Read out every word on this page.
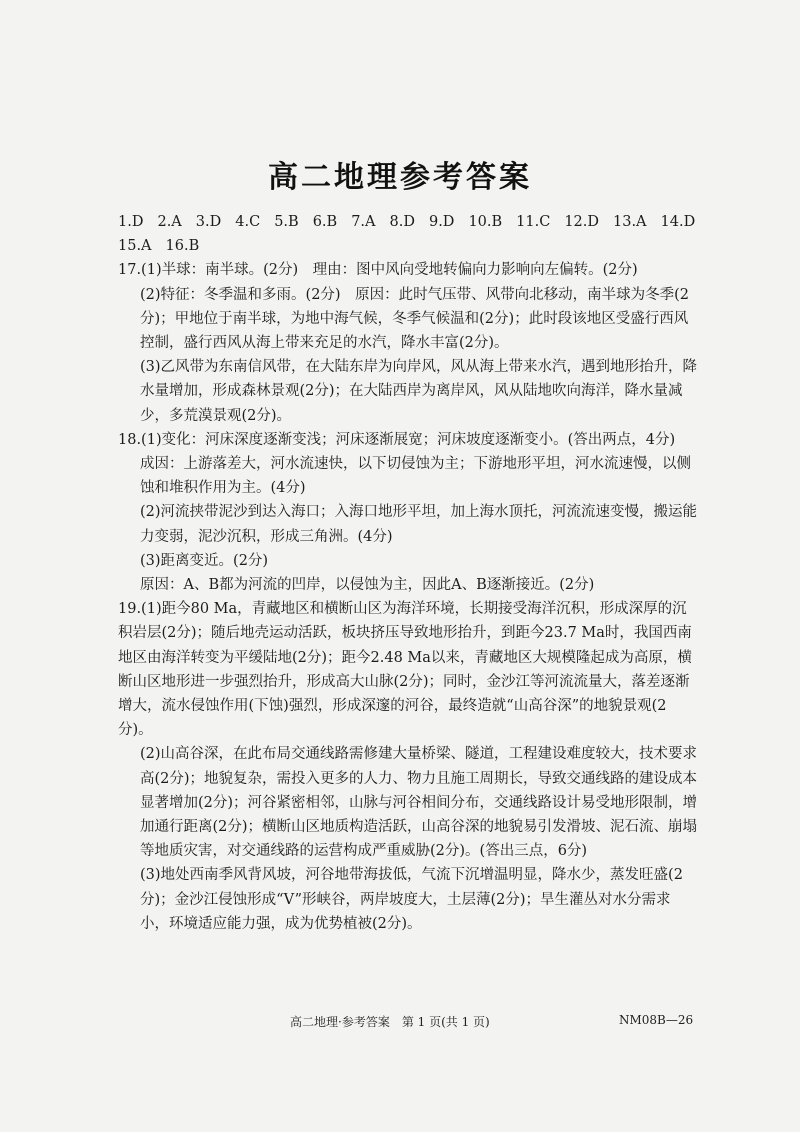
高二地理参考答案
1.D 2.A 3.D 4.C 5.B 6.B 7.A 8.D 9.D 10.B 11.C 12.D 13.A 14.D
15.A 16.B

17.(1)半球：南半球。(2分)　理由：图中风向受地转偏向力影响向左偏转。(2分)

(2)特征：冬季温和多雨。(2分)　原因：此时气压带、风带向北移动，南半球为冬季(2分)；甲地位于南半球，为地中海气候，冬季气候温和(2分)；此时段该地区受盛行西风控制，盛行西风从海上带来充足的水汽，降水丰富(2分)。

(3)乙风带为东南信风带，在大陆东岸为向岸风，风从海上带来水汽，遇到地形抬升，降水量增加，形成森林景观(2分)；在大陆西岸为离岸风，风从陆地吹向海洋，降水量减少，多荒漠景观(2分)。

18.(1)变化：河床深度逐渐变浅；河床逐渐展宽；河床坡度逐渐变小。(答出两点，4分)

成因：上游落差大，河水流速快，以下切侵蚀为主；下游地形平坦，河水流速慢，以侧蚀和堆积作用为主。(4分)

(2)河流挟带泥沙到达入海口；入海口地形平坦，加上海水顶托，河流流速变慢，搬运能力变弱，泥沙沉积，形成三角洲。(4分)

(3)距离变近。(2分)

原因：A、B都为河流的凹岸，以侵蚀为主，因此A、B逐渐接近。(2分)

19.(1)距今80 Ma，青藏地区和横断山区为海洋环境，长期接受海洋沉积，形成深厚的沉积岩层(2分)；随后地壳运动活跃，板块挤压导致地形抬升，到距今23.7 Ma时，我国西南地区由海洋转变为平缓陆地(2分)；距今2.48 Ma以来，青藏地区大规模隆起成为高原，横断山区地形进一步强烈抬升，形成高大山脉(2分)；同时，金沙江等河流流量大，落差逐渐增大，流水侵蚀作用(下蚀)强烈，形成深邃的河谷，最终造就“山高谷深”的地貌景观(2分)。

(2)山高谷深，在此布局交通线路需修建大量桥梁、隧道，工程建设难度较大，技术要求高(2分)；地貌复杂，需投入更多的人力、物力且施工周期长，导致交通线路的建设成本显著增加(2分)；河谷紧密相邻，山脉与河谷相间分布，交通线路设计易受地形限制，增加通行距离(2分)；横断山区地质构造活跃，山高谷深的地貌易引发滑坡、泥石流、崩塌等地质灾害，对交通线路的运营构成严重威胁(2分)。(答出三点，6分)

(3)地处西南季风背风坡，河谷地带海拔低，气流下沉增温明显，降水少，蒸发旺盛(2分)；金沙江侵蚀形成“V”形峡谷，两岸坡度大，土层薄(2分)；旱生灌丛对水分需求小，环境适应能力强，成为优势植被(2分)。

高二地理·参考答案　第 1 页(共 1 页)	NM08B—26
